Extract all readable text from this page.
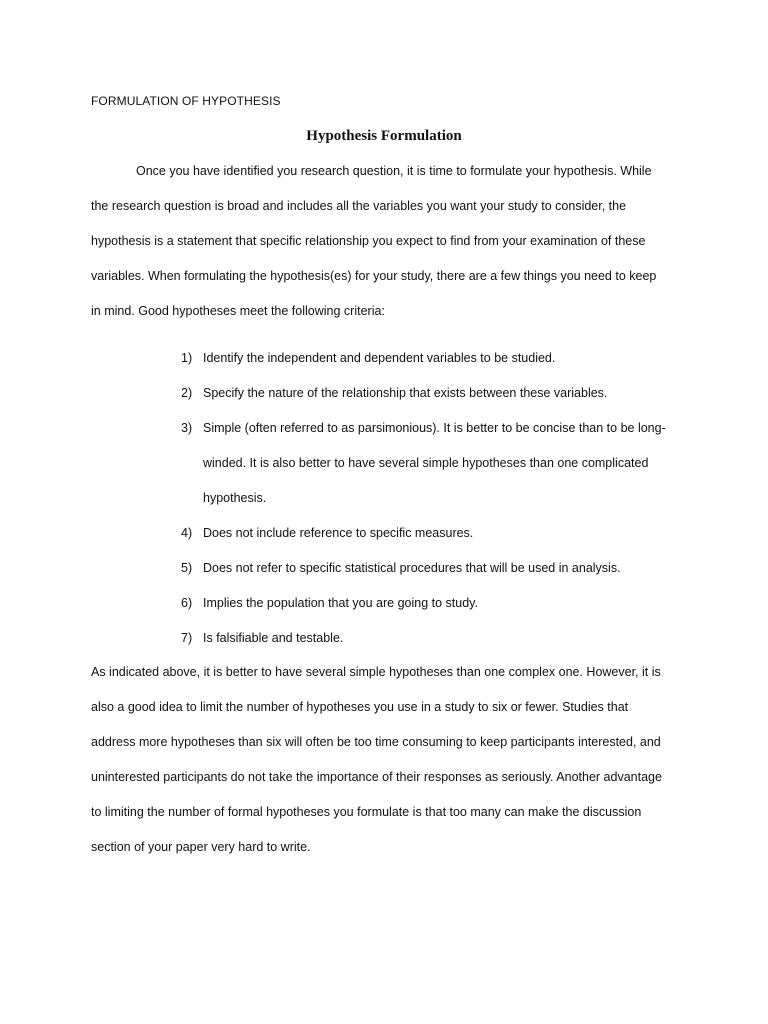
FORMULATION OF HYPOTHESIS
Hypothesis Formulation

Once you have identified you research question, it is time to formulate your hypothesis. While
the research question is broad and includes all the variables you want your study to consider, the
hypothesis is a statement that specific relationship you expect to find from your examination of these
variables. When formulating the hypothesis(es) for your study, there are a few things you need to keep
in mind. Good hypotheses meet the following criteria:

1) Identify the independent and dependent variables to be studied.
2) Specify the nature of the relationship that exists between these variables.
3) Simple (often referred to as parsimonious). It is better to be concise than to be long-
winded. It is also better to have several simple hypotheses than one complicated
hypothesis.
4) Does not include reference to specific measures.
5) Does not refer to specific statistical procedures that will be used in analysis.
6) Implies the population that you are going to study.
7) Is falsifiable and testable.

As indicated above, it is better to have several simple hypotheses than one complex one. However, it is
also a good idea to limit the number of hypotheses you use in a study to six or fewer. Studies that
address more hypotheses than six will often be too time consuming to keep participants interested, and
uninterested participants do not take the importance of their responses as seriously. Another advantage
to limiting the number of formal hypotheses you formulate is that too many can make the discussion
section of your paper very hard to write.
